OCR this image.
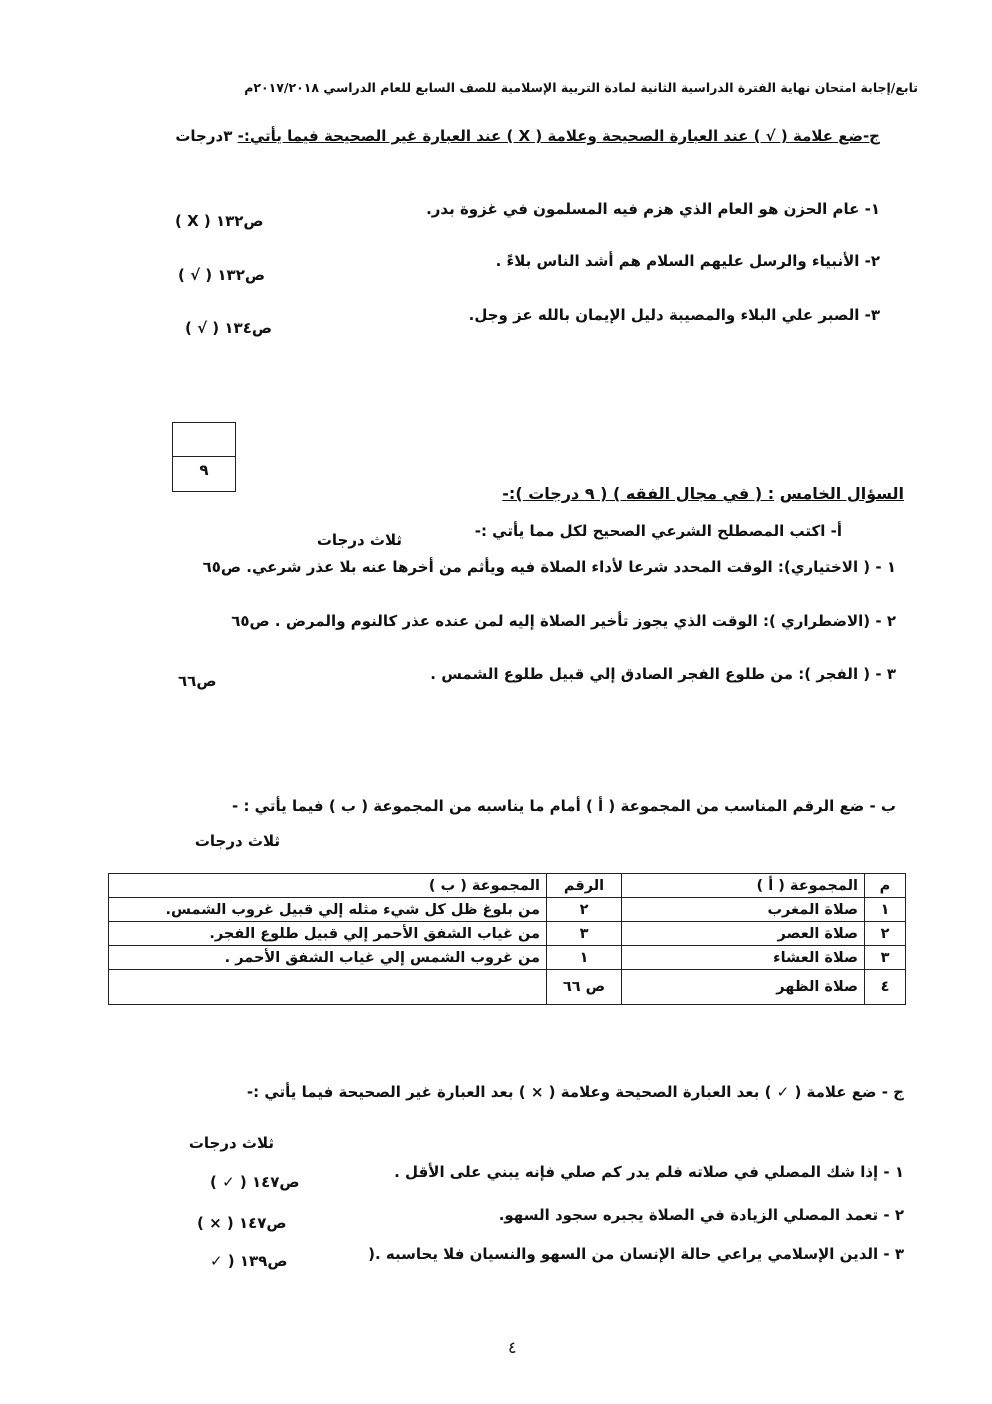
تابع/إجابة امتحان نهاية الفترة الدراسية الثانية لمادة التربية الإسلامية للصف السابع للعام الدراسي ٢٠١٧/٢٠١٨م
ج-ضع علامة ( √ ) عند العبارة الصحيحة وعلامة ( X ) عند العبارة غير الصحيحة فيما يأتي:- ٣درجات
١- عام الحزن هو العام الذي هزم فيه المسلمون في غزوة بدر.
( X ) ص١٣٢
٢- الأنبياء والرسل عليهم السلام هم أشد الناس بلاءً .
( √ ) ص١٣٢
٣- الصبر علي البلاء والمصيبة دليل الإيمان بالله عز وجل.
( √ ) ص١٣٤
٩
السؤال الخامس : ( في مجال الفقه ) ( ٩ درجات ):-
أ- اكتب المصطلح الشرعي الصحيح لكل مما يأتي :-
ثلاث درجات
١ - ( الاختياري): الوقت المحدد شرعا لأداء الصلاة فيه ويأثم من أخرها عنه بلا عذر شرعي. ص٦٥
٢ - (الاضطراري ): الوقت الذي يجوز تأخير الصلاة إليه لمن عنده عذر كالنوم والمرض . ص٦٥
٣ - ( الفجر ): من طلوع الفجر الصادق إلي قبيل طلوع الشمس .
ص٦٦
ب - ضع الرقم المناسب من المجموعة ( أ ) أمام ما يناسبه من المجموعة ( ب ) فيما يأتي : -
ثلاث درجات
م	المجموعة ( أ )	الرقم	المجموعة ( ب )
١	صلاة المغرب	٢	من بلوغ ظل كل شيء مثله إلي قبيل غروب الشمس.
٢	صلاة العصر	٣	من غياب الشفق الأحمر إلي قبيل طلوع الفجر.
٣	صلاة العشاء	١	من غروب الشمس إلي غياب الشفق الأحمر .
٤	صلاة الظهر	ص ٦٦	
ج - ضع علامة ( ✓ ) بعد العبارة الصحيحة وعلامة ( × ) بعد العبارة غير الصحيحة فيما يأتي :-
ثلاث درجات
١ - إذا شك المصلي في صلاته فلم يدر كم صلي فإنه يبني على الأقل .
( ✓ ) ص١٤٧
٢ - تعمد المصلي الزيادة في الصلاة يجبره سجود السهو.
( × ) ص١٤٧
٣ - الدين الإسلامي يراعي حالة الإنسان من السهو والنسيان فلا يحاسبه .(
✓ ) ص١٣٩
٤
